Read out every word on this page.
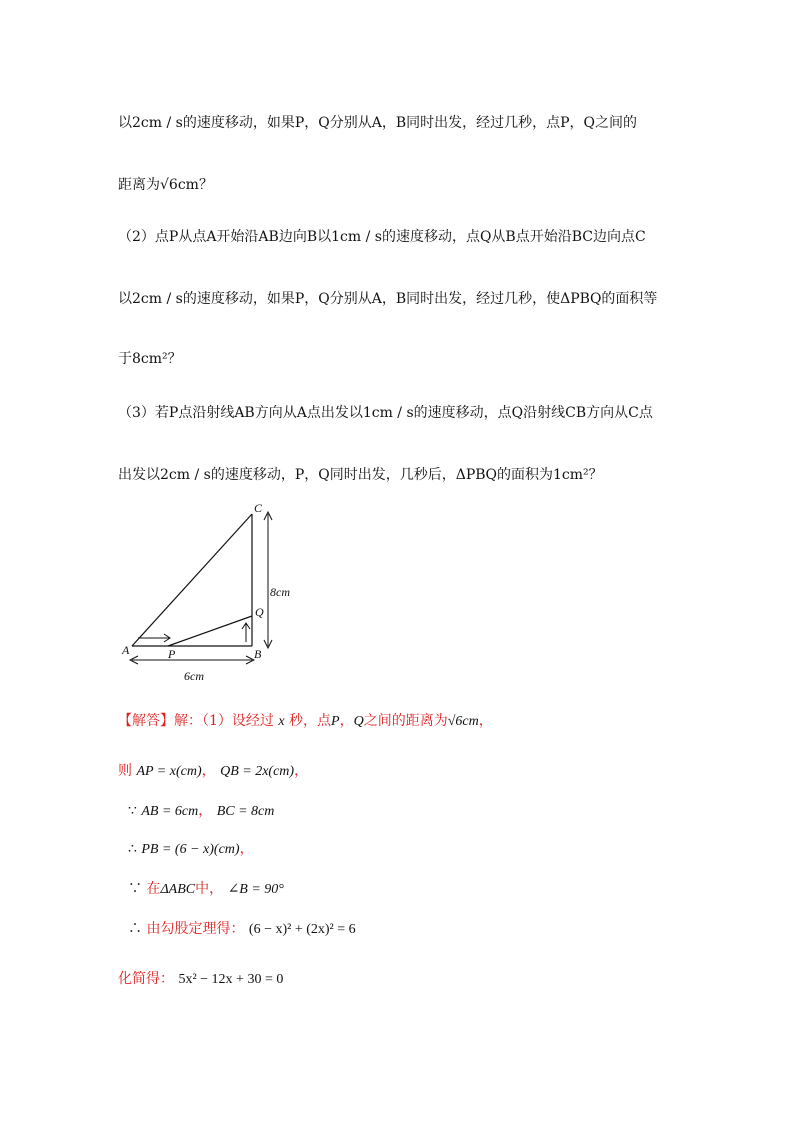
以2cm / s的速度移动，如果P，Q分别从A，B同时出发，经过几秒，点P，Q之间的
距离为√6cm？
（2）点P从点A开始沿AB边向B以1cm / s的速度移动，点Q从B点开始沿BC边向点C
以2cm / s的速度移动，如果P，Q分别从A，B同时出发，经过几秒，使ΔPBQ的面积等
于8cm²？
（3）若P点沿射线AB方向从A点出发以1cm / s的速度移动，点Q沿射线CB方向从C点
出发以2cm / s的速度移动，P，Q同时出发，几秒后，ΔPBQ的面积为1cm²？
A	B
C
P
Q
8cm
6cm
【解答】解：（1）设经过 x 秒，点P，Q之间的距离为√6cm，
则 AP = x(cm)， QB = 2x(cm)，
∵ AB = 6cm， BC = 8cm
∴ PB = (6 − x)(cm)，
∵ 在ΔABC中， ∠B = 90°
∴ 由勾股定理得： (6 − x)² + (2x)² = 6
化简得： 5x² − 12x + 30 = 0
